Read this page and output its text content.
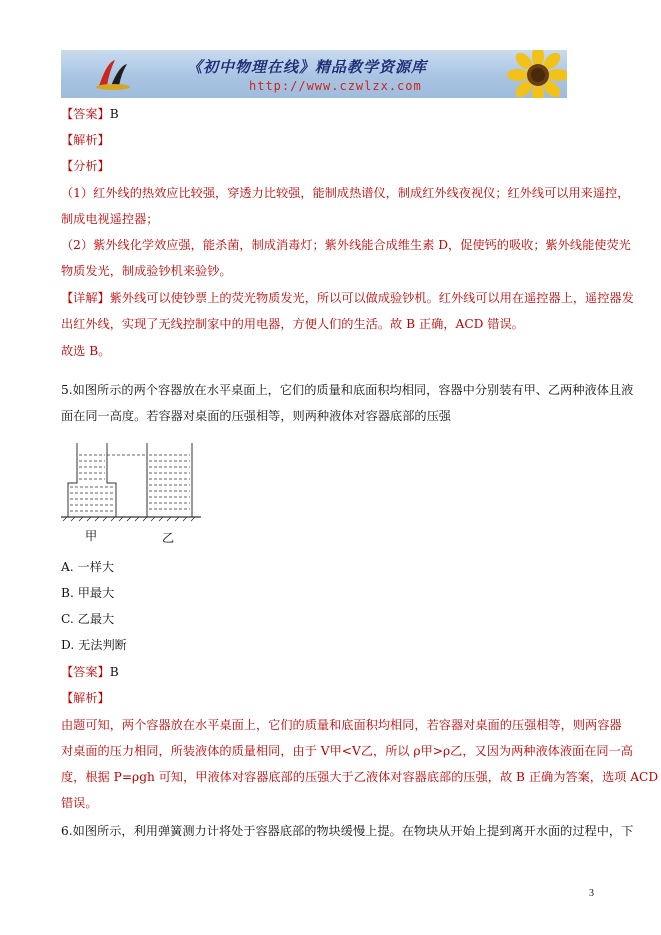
《初中物理在线》精品教学资源库
http://www.czwlzx.com
【答案】B
【解析】
【分析】
（1）红外线的热效应比较强，穿透力比较强，能制成热谱仪，制成红外线夜视仪；红外线可以用来遥控，
制成电视遥控器；
（2）紫外线化学效应强，能杀菌，制成消毒灯；紫外线能合成维生素 D，促使钙的吸收；紫外线能使荧光
物质发光，制成验钞机来验钞。
【详解】紫外线可以使钞票上的荧光物质发光，所以可以做成验钞机。红外线可以用在遥控器上，遥控器发
出红外线，实现了无线控制家中的用电器，方便人们的生活。故 B 正确，ACD 错误。
故选 B。
5.如图所示的两个容器放在水平桌面上，它们的质量和底面积均相同，容器中分别装有甲、乙两种液体且液
面在同一高度。若容器对桌面的压强相等，则两种液体对容器底部的压强
甲	乙
A. 一样大
B. 甲最大
C. 乙最大
D. 无法判断
【答案】B
【解析】
由题可知，两个容器放在水平桌面上，它们的质量和底面积均相同，若容器对桌面的压强相等，则两容器
对桌面的压力相同，所装液体的质量相同，由于 V甲<V乙，所以 ρ甲>ρ乙，又因为两种液体液面在同一高
度，根据 P=ρgh 可知，甲液体对容器底部的压强大于乙液体对容器底部的压强，故 B 正确为答案，选项 ACD
错误。
6.如图所示，利用弹簧测力计将处于容器底部的物块缓慢上提。在物块从开始上提到离开水面的过程中，下
3
